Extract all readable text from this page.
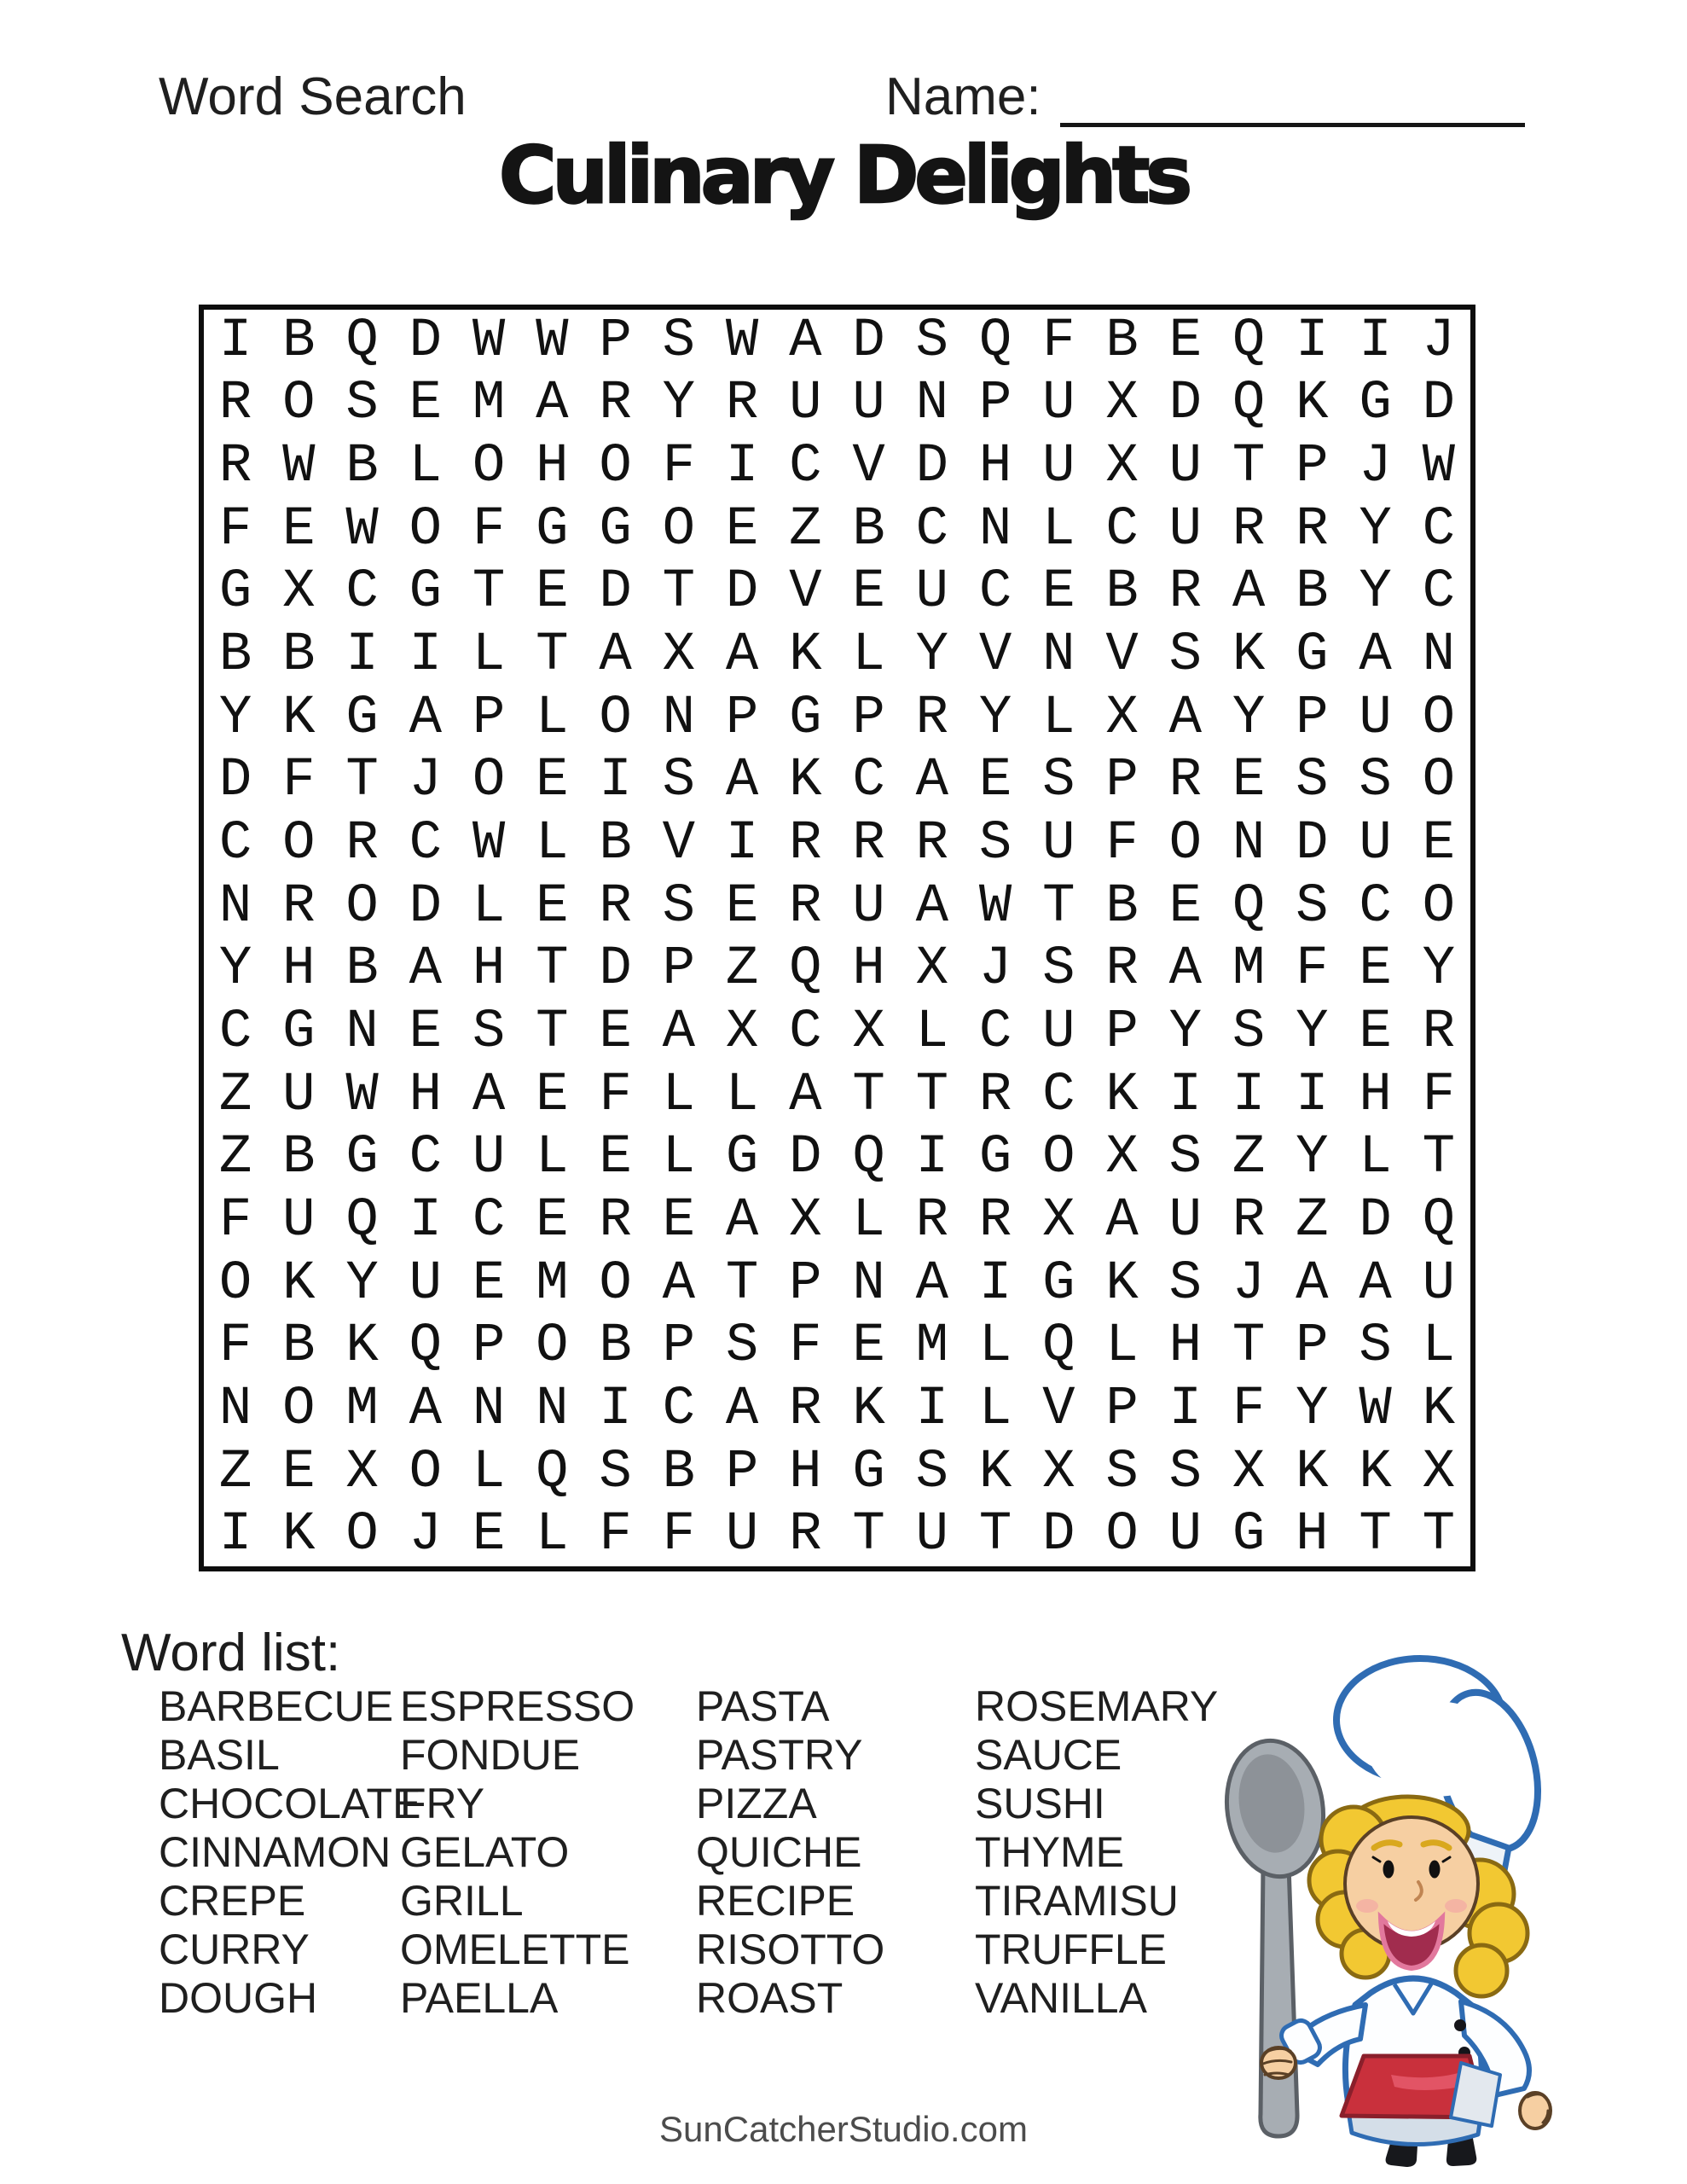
Word Search	Name:
Culinary Delights
I B Q D W W P S W A D S Q F B E Q I I J
R O S E M A R Y R U U N P U X D Q K G D
R W B L O H O F I C V D H U X U T P J W
F E W O F G G O E Z B C N L C U R R Y C
G X C G T E D T D V E U C E B R A B Y C
B B I I L T A X A K L Y V N V S K G A N
Y K G A P L O N P G P R Y L X A Y P U O
D F T J O E I S A K C A E S P R E S S O
C O R C W L B V I R R R S U F O N D U E
N R O D L E R S E R U A W T B E Q S C O
Y H B A H T D P Z Q H X J S R A M F E Y
C G N E S T E A X C X L C U P Y S Y E R
Z U W H A E F L L A T T R C K I I I H F
Z B G C U L E L G D Q I G O X S Z Y L T
F U Q I C E R E A X L R R X A U R Z D Q
O K Y U E M O A T P N A I G K S J A A U
F B K Q P O B P S F E M L Q L H T P S L
N O M A N N I C A R K I L V P I F Y W K
Z E X O L Q S B P H G S K X S S X K K X
I K O J E L F F U R T U T D O U G H T T
Word list:
BARBECUE
BASIL
CHOCOLATE
CINNAMON
CREPE
CURRY
DOUGH
ESPRESSO
FONDUE
FRY
GELATO
GRILL
OMELETTE
PAELLA
PASTA
PASTRY
PIZZA
QUICHE
RECIPE
RISOTTO
ROAST
ROSEMARY
SAUCE
SUSHI
THYME
TIRAMISU
TRUFFLE
VANILLA
SunCatcherStudio.com
